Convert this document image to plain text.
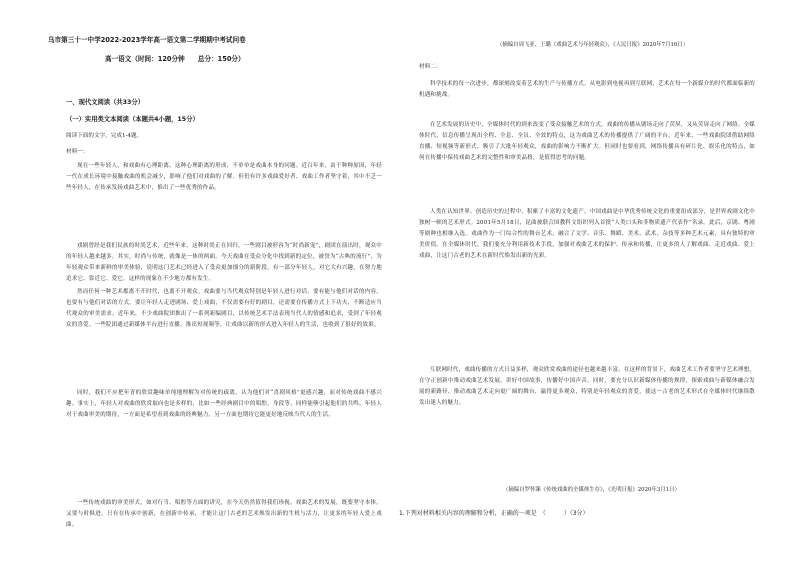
乌市第三十一中学2022-2023学年高一语文第二学期期中考试问卷

高一语文（时间：120分钟　　总分：150分）

一、现代文阅读（共33分）

（一）实用类文本阅读（本题共4小题，15分）

阅读下面的文字，完成1-4题。

材料一：

现在一些年轻人，和戏曲有心理距离。这种心理距离的形成，不单单是戏曲本身的问题。近百年来，由于种种原因，年轻一代在成长环境中接触戏曲的机会减少，影响了他们对戏曲的了解。但仍有许多戏曲爱好者、戏曲工作者坚守着，其中不乏一些年轻人，在传承发扬戏曲艺术中，推出了一些优秀的作品。

戏剧曾经是我们民族的时尚艺术，近些年来，这种时尚正在回归，一些剧目被形容为“时尚新宠”，剧团在演出时，观众中的年轻人越来越多。其实，时尚与传统，就像是一体的两面。今天戏曲在受众分化中找到新的定位，被誉为“古典的流行”，为年轻观众带来新鲜的审美体验，说明这门艺术已经进入了受众更加细分的新阶段，有一部分年轻人，对它大有兴趣，在努力地追求它、靠近它、爱它，这样的现象在不少地方都有发生。

然而任何一种艺术都离不开时代，也离不开观众。戏曲要与当代观众特别是年轻人进行对话，要有能与他们对话的内容，也要有与他们对话的方式。要让年轻人走进剧场、爱上戏曲，不仅需要有好的剧目，还需要在传播方式上下功夫，不断适应当代观众的审美需求。近年来，不少戏曲院团推出了一系列新编剧目，以传统艺术手法表现当代人的情感和追求，受到了年轻观众的喜爱。一些院团通过新媒体平台进行直播、推出短视频等，让戏曲以新的形式进入年轻人的生活，也收到了很好的效果。

同时，我们不应把年青的欣赏趣味单纯地理解为对传统的疏离，认为他们对“喜剧风格”更感兴趣，而对传统戏曲不感兴趣。事实上，年轻人对戏曲的欣赏取向也是多样的，比如一些经典剧目中的唱腔、身段等，同样能够引起他们的共鸣。年轻人对于戏曲审美的期待，一方面是希望看到戏曲的经典魅力，另一方面也期待它能更好地反映当代人的生活。

一些传统戏曲的审美形式，如对行当、唱腔等方面的讲究，在今天仍然值得我们珍视。戏曲艺术的发展，既要坚守本体，又要与时俱进。只有在传承中创新，在创新中传承，才能让这门古老的艺术焕发出新的生机与活力，让更多的年轻人爱上戏曲。

（摘编自周飞亚、王璐《戏曲艺术与年轻观众》，《人民日报》2020年7月16日）

材料二：

科学技术的每一次进步，都深刻改变着艺术的生产与传播方式。从电影到电视再到互联网，艺术在每一个新媒介的时代都面临新的机遇和挑战。

在艺术发展的历史中，全媒体时代的到来改变了受众接触艺术的方式，戏曲的传播从剧场走向了荧屏，又从荧屏走向了网络。全媒体时代，信息传播呈现出全程、全息、全员、全效的特点，这为戏曲艺术的传播提供了广阔的平台。近年来，一些戏曲院团借助网络直播、短视频等新形式，吸引了大批年轻观众，戏曲的影响力不断扩大。但同时也要看到，网络传播具有碎片化、娱乐化的特点，如何在传播中保持戏曲艺术的完整性和审美品格，是值得思考的问题。

人类在认知世界、创造历史的过程中，积累了丰富的文化遗产。中国戏曲是中华优秀传统文化的重要组成部分，是世界戏剧文化中独树一帜的艺术形式。2001年5月18日，昆曲被联合国教科文组织列入首批“人类口头和非物质遗产代表作”名录。此后，京剧、粤剧等剧种也相继入选。戏曲作为一门综合性的舞台艺术，融合了文学、音乐、舞蹈、美术、武术、杂技等多种艺术元素，具有独特的审美价值。在全媒体时代，我们要充分利用新技术手段，加强对戏曲艺术的保护、传承和传播，让更多的人了解戏曲、走近戏曲、爱上戏曲，让这门古老的艺术在新时代焕发出新的光彩。

互联网时代，戏曲传播的方式日益多样，观众欣赏戏曲的途径也越来越丰富。在这样的背景下，戏曲艺术工作者要坚守艺术理想，在守正创新中推动戏曲艺术发展，讲好中国故事，传播好中国声音。同时，要充分认识新媒体传播的规律，探索戏曲与新媒体融合发展的新路径，推动戏曲艺术走向更广阔的舞台，赢得更多观众，特别是年轻观众的喜爱，使这一古老的艺术形式在全媒体时代继续散发出迷人的魅力。

（摘编自罗怀臻《传统戏曲的全媒体生存》，《光明日报》2020年3月1日）

1.下列对材料相关内容的理解和分析，正确的一项是　（　　　）（3分）
